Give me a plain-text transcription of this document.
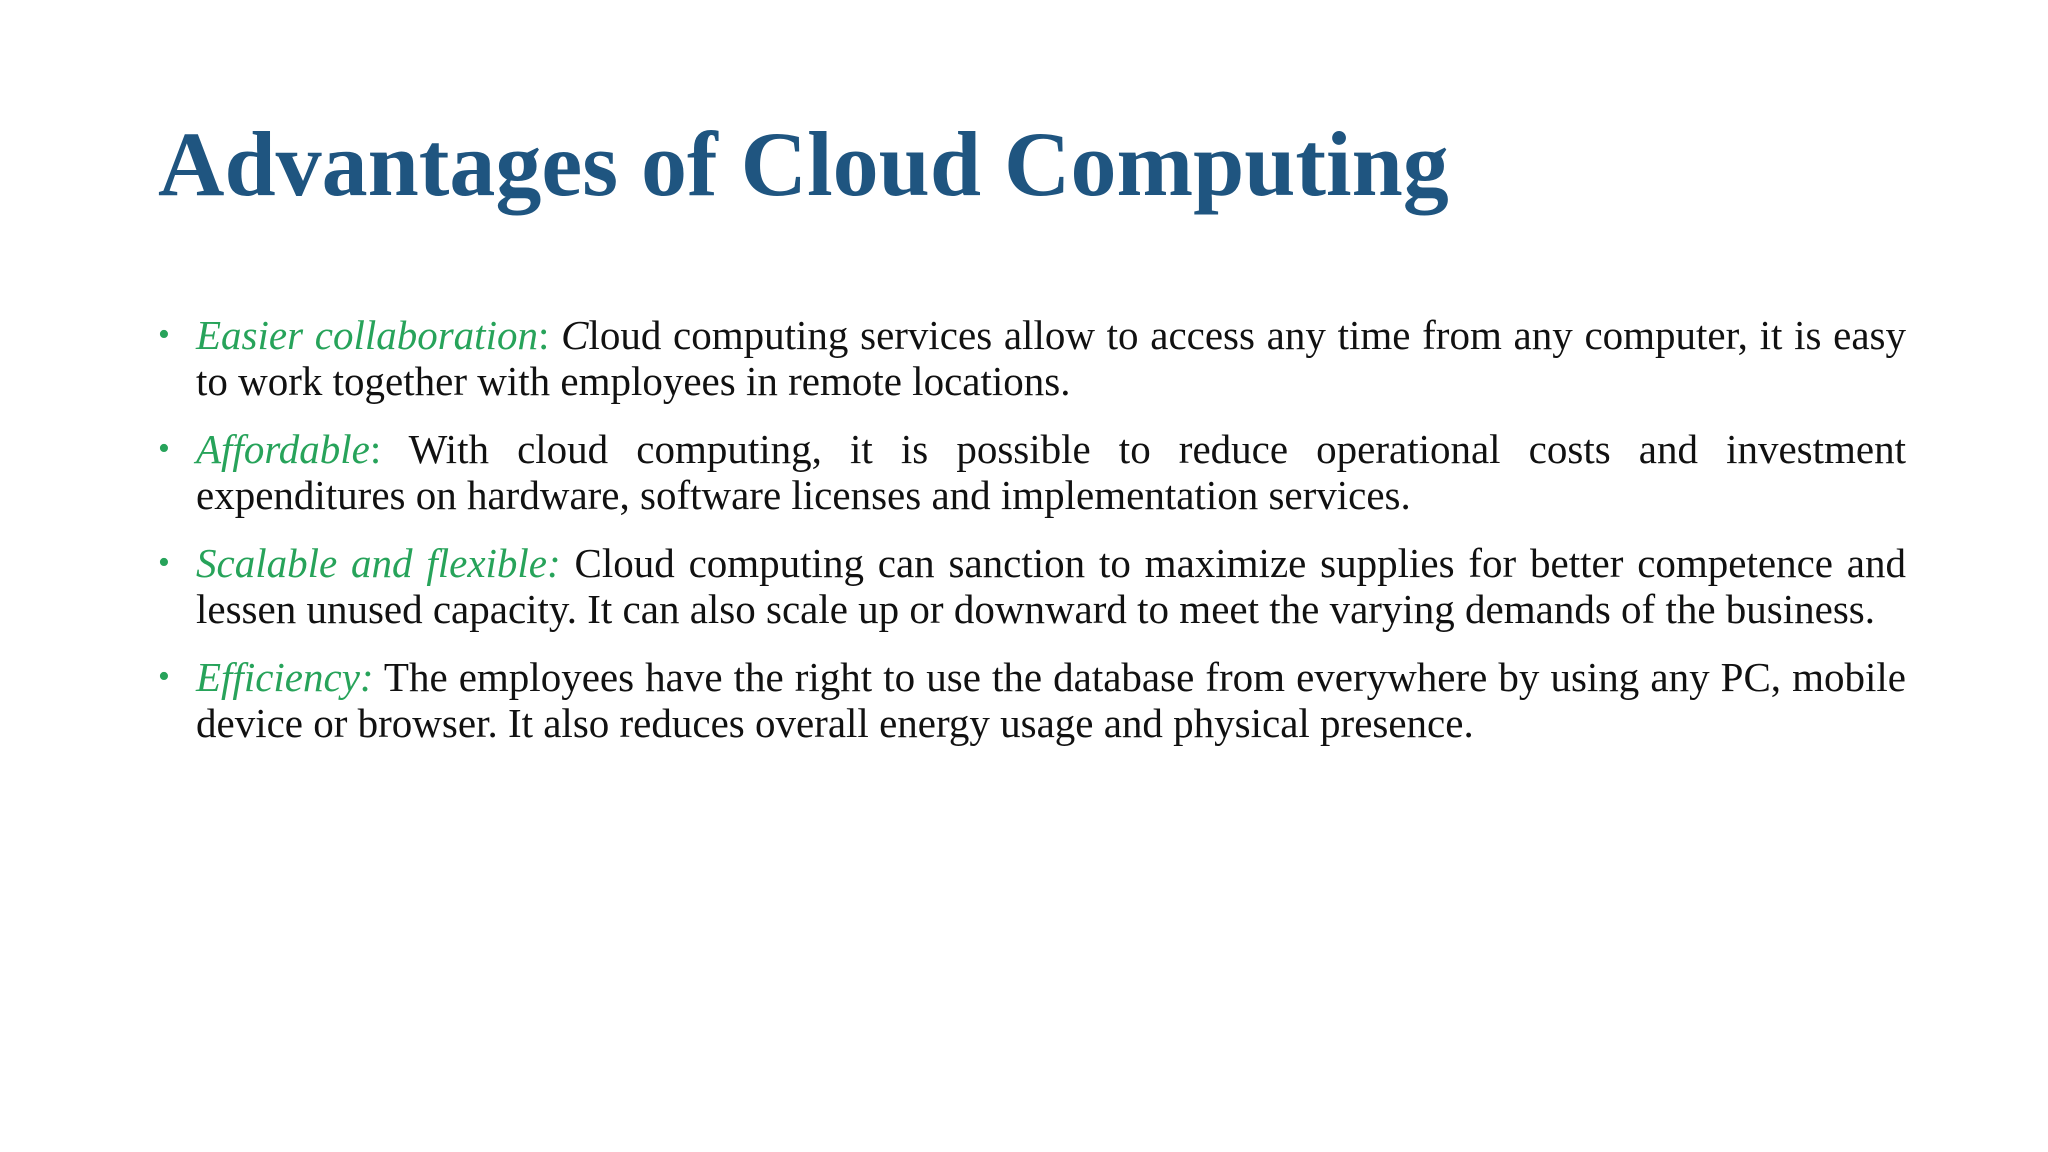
Advantages of Cloud Computing
• Easier collaboration: Cloud computing services allow to access any time from any computer, it is easy to work together with employees in remote locations.
• Affordable: With cloud computing, it is possible to reduce operational costs and investment expenditures on hardware, software licenses and implementation services.
• Scalable and flexible: Cloud computing can sanction to maximize supplies for better competence and lessen unused capacity. It can also scale up or downward to meet the varying demands of the business.
• Efficiency: The employees have the right to use the database from everywhere by using any PC, mobile device or browser. It also reduces overall energy usage and physical presence.
